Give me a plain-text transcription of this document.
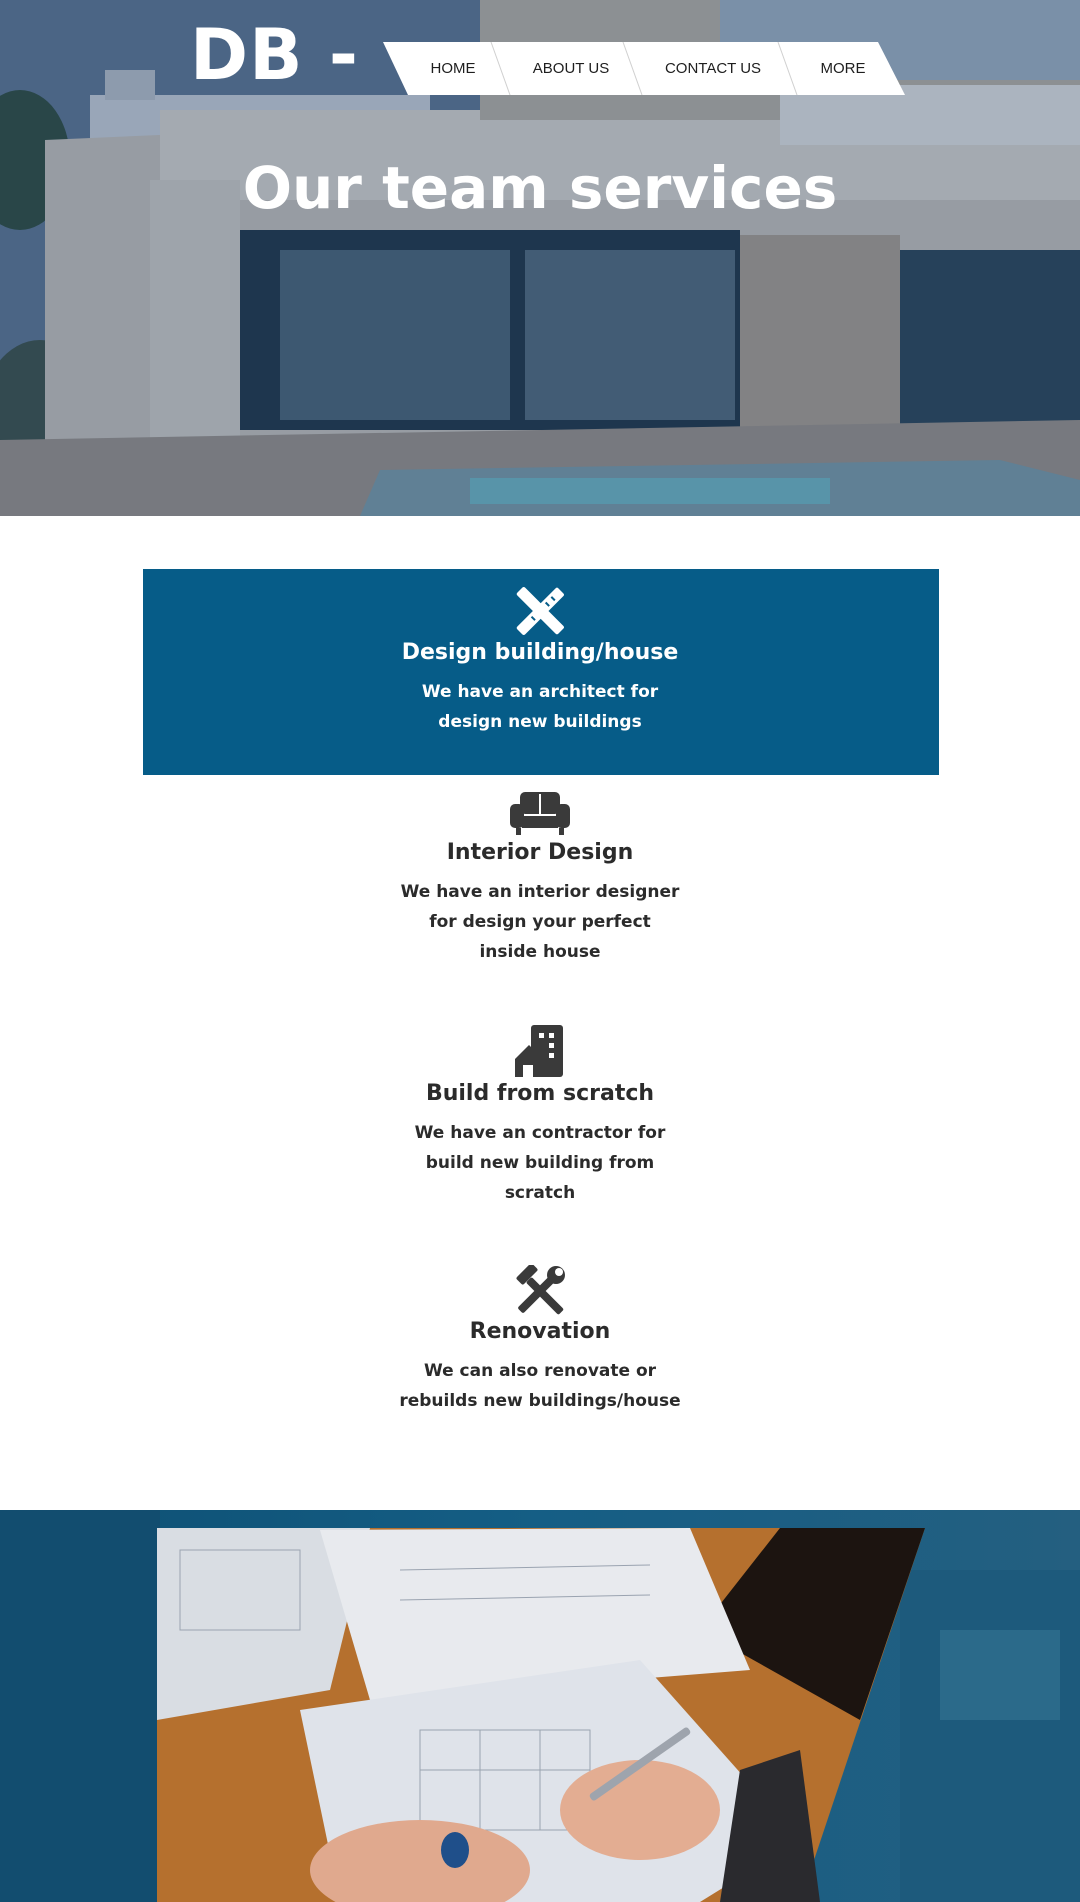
DB -	HOME	ABOUT US	CONTACT US	MORE
Our team services
Design building/house

We have an architect for
design new buildings

Interior Design

We have an interior designer
for design your perfect
inside house

Build from scratch

We have an contractor for
build new building from
scratch

Renovation

We can also renovate or
rebuilds new buildings/house
